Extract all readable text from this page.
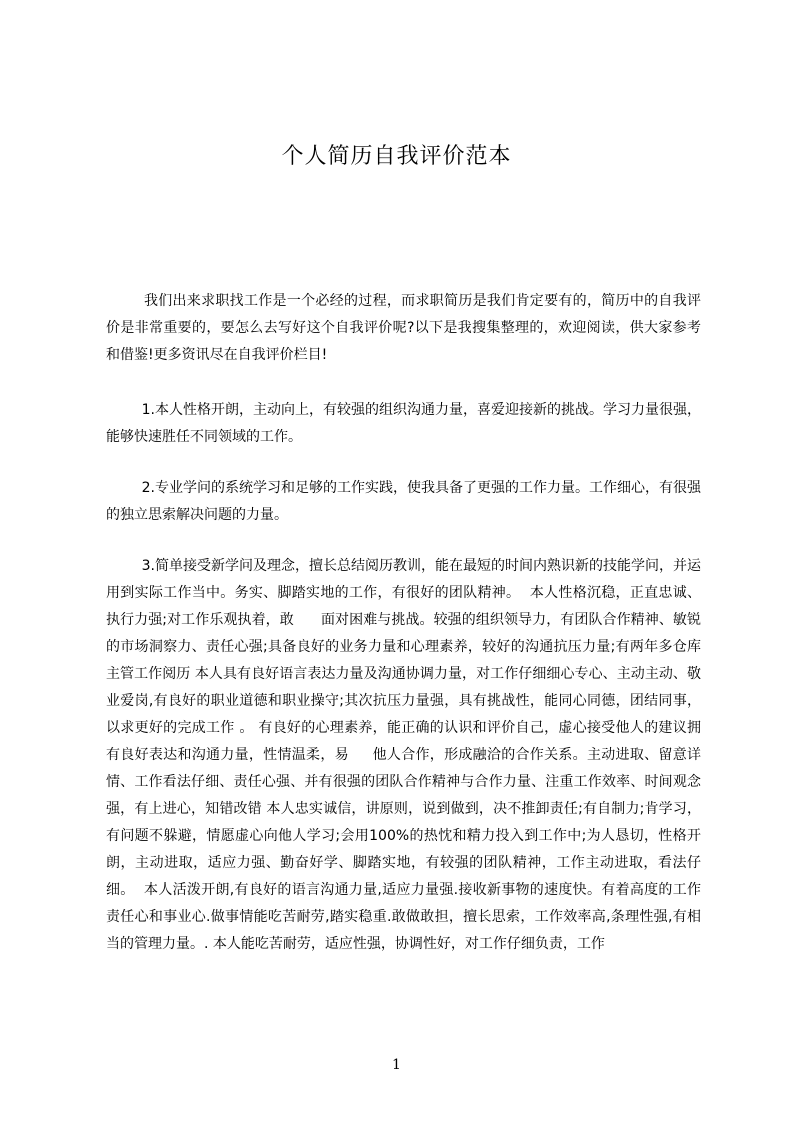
个人简历自我评价范本
我们出来求职找工作是一个必经的过程，而求职简历是我们肯定要有的，简历中的自我评价是非常重要的，要怎么去写好这个自我评价呢?以下是我搜集整理的，欢迎阅读，供大家参考和借鉴!更多资讯尽在自我评价栏目!
1.本人性格开朗，主动向上，有较强的组织沟通力量，喜爱迎接新的挑战。学习力量很强，能够快速胜任不同领域的工作。
2.专业学问的系统学习和足够的工作实践，使我具备了更强的工作力量。工作细心，有很强的独立思索解决问题的力量。
3.简单接受新学问及理念，擅长总结阅历教训，能在最短的时间内熟识新的技能学问，并运用到实际工作当中。务实、脚踏实地的工作，有很好的团队精神。  本人性格沉稳，正直忠诚、执行力强;对工作乐观执着，敢      面对困难与挑战。较强的组织领导力，有团队合作精神、敏锐的市场洞察力、责任心强;具备良好的业务力量和心理素养，较好的沟通抗压力量;有两年多仓库主管工作阅历 本人具有良好语言表达力量及沟通协调力量，对工作仔细细心专心、主动主动、敬业爱岗,有良好的职业道德和职业操守;其次抗压力量强，具有挑战性，能同心同德，团结同事，以求更好的完成工作 。 有良好的心理素养，能正确的认识和评价自己，虚心接受他人的建议拥有良好表达和沟通力量，性情温柔，易     他人合作，形成融洽的合作关系。主动进取、留意详情、工作看法仔细、责任心强、并有很强的团队合作精神与合作力量、注重工作效率、时间观念强，有上进心，知错改错 本人忠实诚信，讲原则，说到做到，决不推卸责任;有自制力;肯学习，有问题不躲避，情愿虚心向他人学习;会用100%的热忱和精力投入到工作中;为人恳切，性格开朗，主动进取，适应力强、勤奋好学、脚踏实地，有较强的团队精神，工作主动进取，看法仔细。  本人活泼开朗,有良好的语言沟通力量,适应力量强.接收新事物的速度快。有着高度的工作责任心和事业心.做事情能吃苦耐劳,踏实稳重.敢做敢担，擅长思索，工作效率高,条理性强,有相当的管理力量。. 本人能吃苦耐劳，适应性强，协调性好，对工作仔细负责，工作
1
